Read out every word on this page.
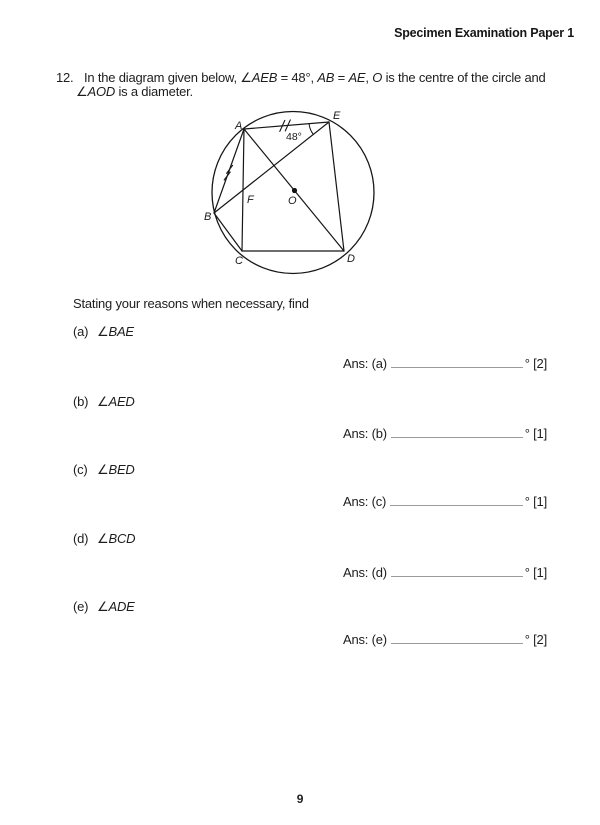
Specimen Examination Paper 1
12. In the diagram given below, ∠AEB = 48°, AB = AE, O is the centre of the circle and
∠AOD is a diameter.
A
E
B
C	D
O
F
48°
Stating your reasons when necessary, find
(a) ∠BAE
Ans: (a)	° [2]
(b) ∠AED
Ans: (b)	° [1]
(c) ∠BED
Ans: (c)	° [1]
(d) ∠BCD
Ans: (d)	° [1]
(e) ∠ADE
Ans: (e)	° [2]
9
